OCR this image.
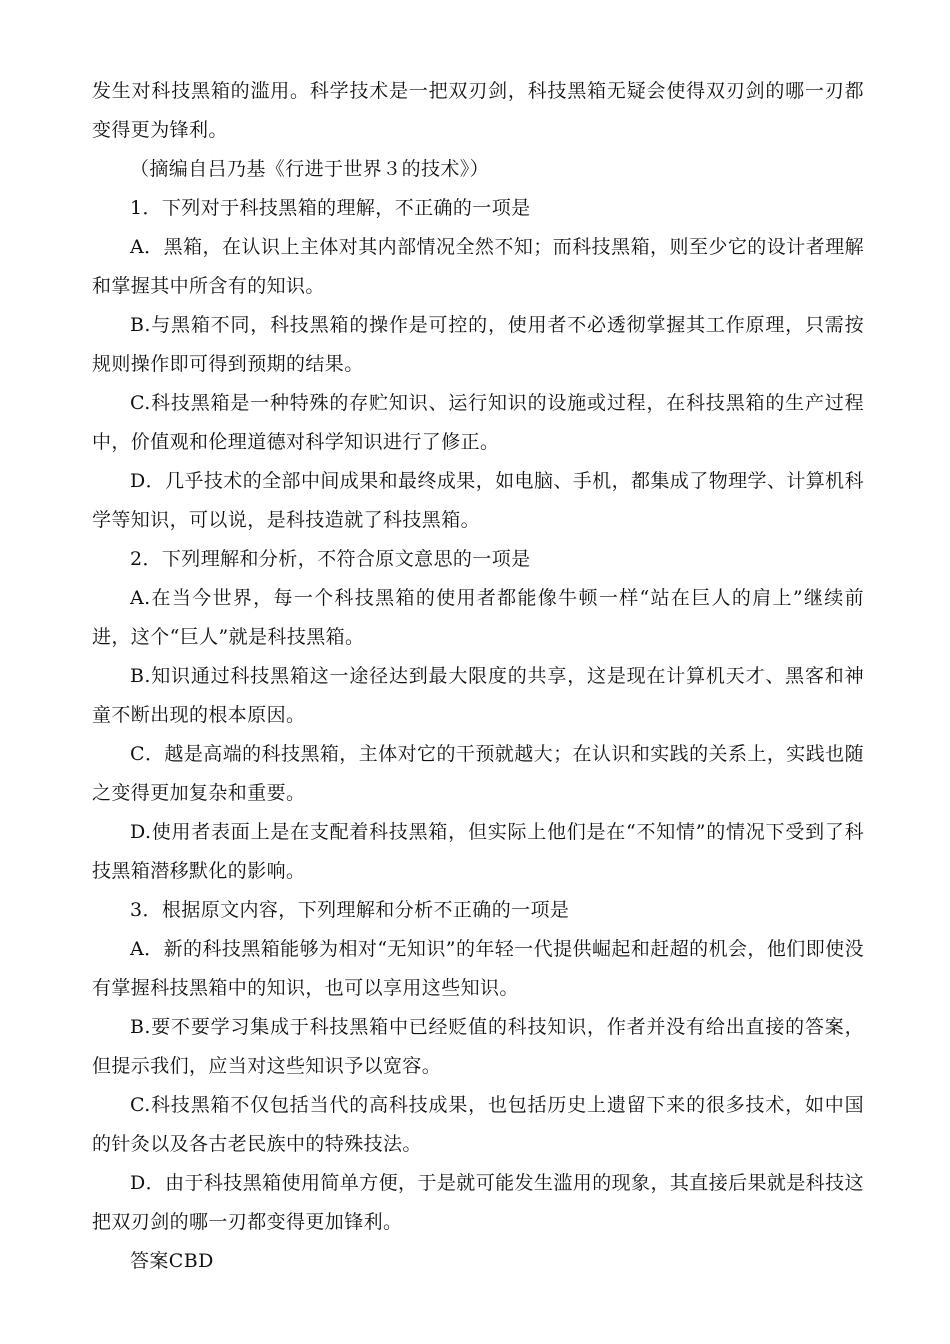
发生对科技黑箱的滥用。科学技术是一把双刃剑，科技黑箱无疑会使得双刃剑的哪一刃都变得更为锋利。

（摘编自吕乃基《行进于世界３的技术》）

1．下列对于科技黑箱的理解，不正确的一项是

A．黑箱，在认识上主体对其内部情况全然不知；而科技黑箱，则至少它的设计者理解和掌握其中所含有的知识。

B.与黑箱不同，科技黑箱的操作是可控的，使用者不必透彻掌握其工作原理，只需按规则操作即可得到预期的结果。

C.科技黑箱是一种特殊的存贮知识、运行知识的设施或过程，在科技黑箱的生产过程中，价值观和伦理道德对科学知识进行了修正。

D．几乎技术的全部中间成果和最终成果，如电脑、手机，都集成了物理学、计算机科学等知识，可以说，是科技造就了科技黑箱。

2．下列理解和分析，不符合原文意思的一项是

A.在当今世界，每一个科技黑箱的使用者都能像牛顿一样“站在巨人的肩上”继续前进，这个“巨人”就是科技黑箱。

B.知识通过科技黑箱这一途径达到最大限度的共享，这是现在计算机天才、黑客和神童不断出现的根本原因。

C．越是高端的科技黑箱，主体对它的干预就越大；在认识和实践的关系上，实践也随之变得更加复杂和重要。

D.使用者表面上是在支配着科技黑箱，但实际上他们是在“不知情”的情况下受到了科技黑箱潜移默化的影响。

3．根据原文内容，下列理解和分析不正确的一项是

A．新的科技黑箱能够为相对“无知识”的年轻一代提供崛起和赶超的机会，他们即使没有掌握科技黑箱中的知识，也可以享用这些知识。

B.要不要学习集成于科技黑箱中已经贬值的科技知识，作者并没有给出直接的答案，但提示我们，应当对这些知识予以宽容。

C.科技黑箱不仅包括当代的高科技成果，也包括历史上遗留下来的很多技术，如中国的针灸以及各古老民族中的特殊技法。

D．由于科技黑箱使用简单方便，于是就可能发生滥用的现象，其直接后果就是科技这把双刃剑的哪一刃都变得更加锋利。

答案CBD
